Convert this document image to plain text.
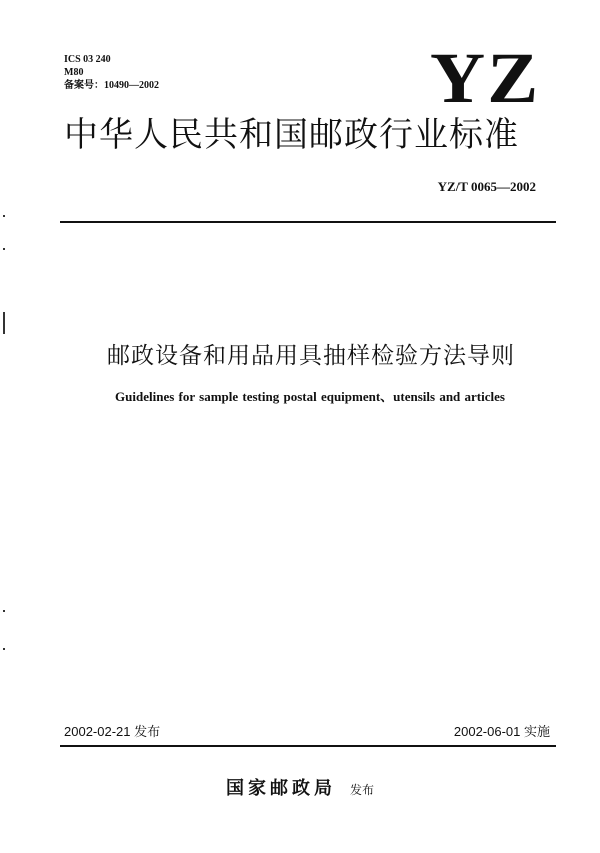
ICS 03 240
M80
备案号：10490—2002	YZ
中华人民共和国邮政行业标准
YZ/T 0065—2002
邮政设备和用品用具抽样检验方法导则
Guidelines for sample testing postal equipment、utensils and articles
2002-02-21 发布	2002-06-01 实施
国家邮政局 发布
